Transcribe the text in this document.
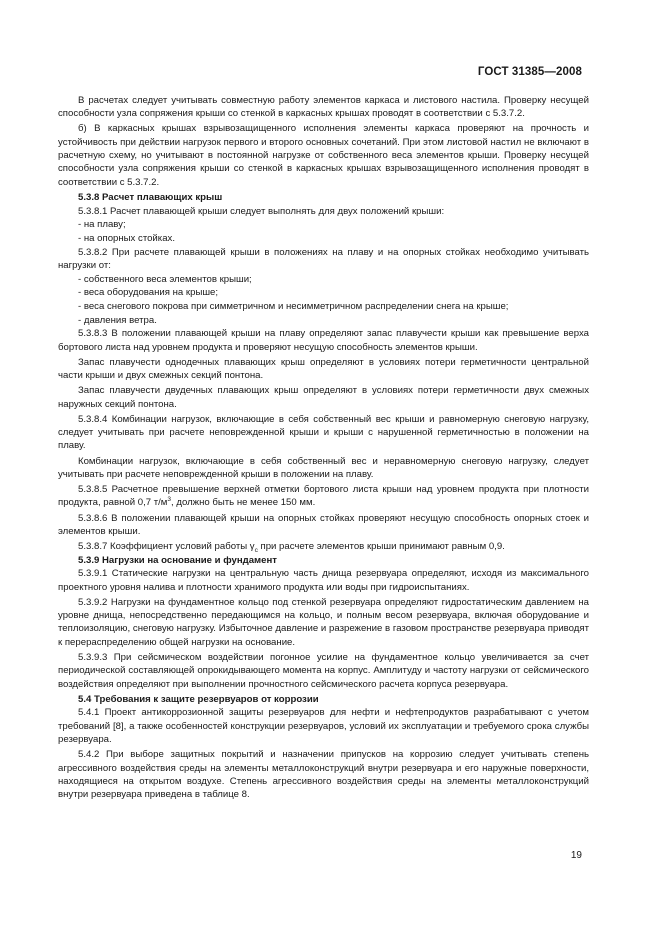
ГОСТ 31385—2008

В расчетах следует учитывать совместную работу элементов каркаса и листового настила. Проверку несущей способности узла сопряжения крыши со стенкой в каркасных крышах проводят в соответствии с 5.3.7.2.

б) В каркасных крышах взрывозащищенного исполнения элементы каркаса проверяют на прочность и устойчивость при действии нагрузок первого и второго основных сочетаний. При этом листовой настил не включают в расчетную схему, но учитывают в постоянной нагрузке от собственного веса элементов крыши. Проверку несущей способности узла сопряжения крыши со стенкой в каркасных крышах взрывозащищенного исполнения проводят в соответствии с 5.3.7.2.

5.3.8 Расчет плавающих крыш

5.3.8.1 Расчет плавающей крыши следует выполнять для двух положений крыши:

- на плаву;

- на опорных стойках.

5.3.8.2 При расчете плавающей крыши в положениях на плаву и на опорных стойках необходимо учитывать нагрузки от:

- собственного веса элементов крыши;

- веса оборудования на крыше;

- веса снегового покрова при симметричном и несимметричном распределении снега на крыше;

- давления ветра.

5.3.8.3 В положении плавающей крыши на плаву определяют запас плавучести крыши как превышение верха бортового листа над уровнем продукта и проверяют несущую способность элементов крыши.

Запас плавучести однодечных плавающих крыш определяют в условиях потери герметичности центральной части крыши и двух смежных секций понтона.

Запас плавучести двудечных плавающих крыш определяют в условиях потери герметичности двух смежных наружных секций понтона.

5.3.8.4 Комбинации нагрузок, включающие в себя собственный вес крыши и равномерную снеговую нагрузку, следует учитывать при расчете неповрежденной крыши и крыши с нарушенной герметичностью в положении на плаву.

Комбинации нагрузок, включающие в себя собственный вес и неравномерную снеговую нагрузку, следует учитывать при расчете неповрежденной крыши в положении на плаву.

5.3.8.5 Расчетное превышение верхней отметки бортового листа крыши над уровнем продукта при плотности продукта, равной 0,7 $т/м^3$, должно быть не менее 150 мм.

5.3.8.6 В положении плавающей крыши на опорных стойках проверяют несущую способность опорных стоек и элементов крыши.

5.3.8.7 Коэффициент условий работы $\gamma_c$ при расчете элементов крыши принимают равным 0,9.

5.3.9 Нагрузки на основание и фундамент

5.3.9.1 Статические нагрузки на центральную часть днища резервуара определяют, исходя из максимального проектного уровня налива и плотности хранимого продукта или воды при гидроиспытаниях.

5.3.9.2 Нагрузки на фундаментное кольцо под стенкой резервуара определяют гидростатическим давлением на уровне днища, непосредственно передающимся на кольцо, и полным весом резервуара, включая оборудование и теплоизоляцию, снеговую нагрузку. Избыточное давление и разрежение в газовом пространстве резервуара приводят к перераспределению общей нагрузки на основание.

5.3.9.3 При сейсмическом воздействии погонное усилие на фундаментное кольцо увеличивается за счет периодической составляющей опрокидывающего момента на корпус. Амплитуду и частоту нагрузки от сейсмического воздействия определяют при выполнении прочностного сейсмического расчета корпуса резервуара.

5.4 Требования к защите резервуаров от коррозии

5.4.1 Проект антикоррозионной защиты резервуаров для нефти и нефтепродуктов разрабатывают с учетом требований [8], а также особенностей конструкции резервуаров, условий их эксплуатации и требуемого срока службы резервуара.

5.4.2 При выборе защитных покрытий и назначении припусков на коррозию следует учитывать степень агрессивного воздействия среды на элементы металлоконструкций внутри резервуара и его наружные поверхности, находящиеся на открытом воздухе. Степень агрессивного воздействия среды на элементы металлоконструкций внутри резервуара приведена в таблице 8.

19
